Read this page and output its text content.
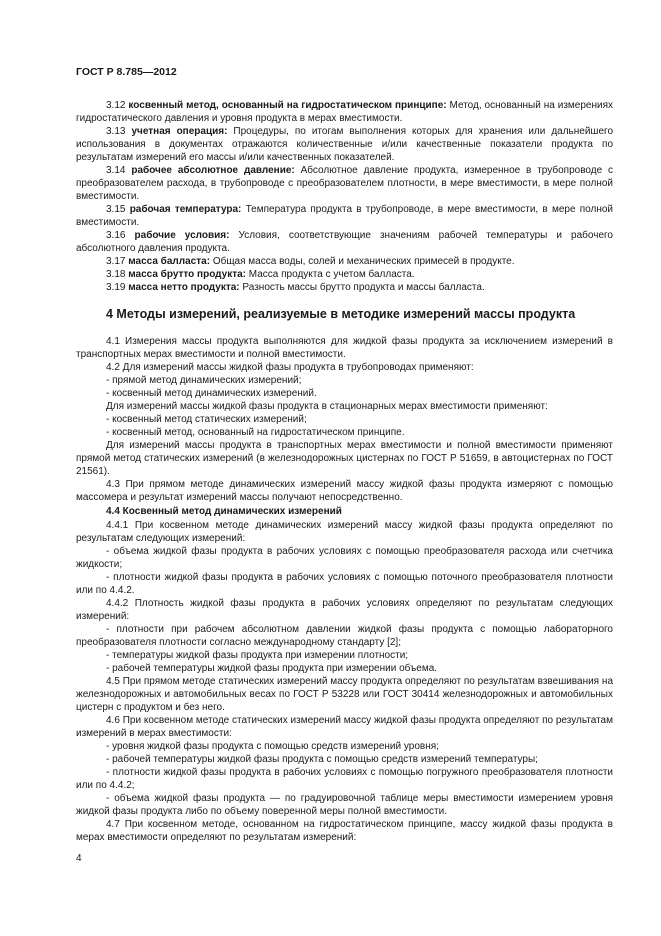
ГОСТ Р 8.785—2012

3.12 косвенный метод, основанный на гидростатическом принципе: Метод, основанный на измерениях гидростатического давления и уровня продукта в мерах вместимости.

3.13 учетная операция: Процедуры, по итогам выполнения которых для хранения или дальнейшего использования в документах отражаются количественные и/или качественные показатели продукта по результатам измерений его массы и/или качественных показателей.

3.14 рабочее абсолютное давление: Абсолютное давление продукта, измеренное в трубопроводе с преобразователем расхода, в трубопроводе с преобразователем плотности, в мере вместимости, в мере полной вместимости.

3.15 рабочая температура: Температура продукта в трубопроводе, в мере вместимости, в мере полной вместимости.

3.16 рабочие условия: Условия, соответствующие значениям рабочей температуры и рабочего абсолютного давления продукта.

3.17 масса балласта: Общая масса воды, солей и механических примесей в продукте.

3.18 масса брутто продукта: Масса продукта с учетом балласта.

3.19 масса нетто продукта: Разность массы брутто продукта и массы балласта.

4 Методы измерений, реализуемые в методике измерений массы продукта

4.1 Измерения массы продукта выполняются для жидкой фазы продукта за исключением измерений в транспортных мерах вместимости и полной вместимости.

4.2 Для измерений массы жидкой фазы продукта в трубопроводах применяют:

- прямой метод динамических измерений;

- косвенный метод динамических измерений.

Для измерений массы жидкой фазы продукта в стационарных мерах вместимости применяют:

- косвенный метод статических измерений;

- косвенный метод, основанный на гидростатическом принципе.

Для измерений массы продукта в транспортных мерах вместимости и полной вместимости применяют прямой метод статических измерений (в железнодорожных цистернах по ГОСТ Р 51659, в автоцистернах по ГОСТ 21561).

4.3 При прямом методе динамических измерений массу жидкой фазы продукта измеряют с помощью массомера и результат измерений массы получают непосредственно.

4.4 Косвенный метод динамических измерений

4.4.1 При косвенном методе динамических измерений массу жидкой фазы продукта определяют по результатам следующих измерений:

- объема жидкой фазы продукта в рабочих условиях с помощью преобразователя расхода или счетчика жидкости;

- плотности жидкой фазы продукта в рабочих условиях с помощью поточного преобразователя плотности или по 4.4.2.

4.4.2 Плотность жидкой фазы продукта в рабочих условиях определяют по результатам следующих измерений:

- плотности при рабочем абсолютном давлении жидкой фазы продукта с помощью лабораторного преобразователя плотности согласно международному стандарту [2];

- температуры жидкой фазы продукта при измерении плотности;

- рабочей температуры жидкой фазы продукта при измерении объема.

4.5 При прямом методе статических измерений массу продукта определяют по результатам взвешивания на железнодорожных и автомобильных весах по ГОСТ Р 53228 или ГОСТ 30414 железнодорожных и автомобильных цистерн с продуктом и без него.

4.6 При косвенном методе статических измерений массу жидкой фазы продукта определяют по результатам измерений в мерах вместимости:

- уровня жидкой фазы продукта с помощью средств измерений уровня;

- рабочей температуры жидкой фазы продукта с помощью средств измерений температуры;

- плотности жидкой фазы продукта в рабочих условиях с помощью погружного преобразователя плотности или по 4.4.2;

- объема жидкой фазы продукта — по градуировочной таблице меры вместимости измерением уровня жидкой фазы продукта либо по объему поверенной меры полной вместимости.

4.7 При косвенном методе, основанном на гидростатическом принципе, массу жидкой фазы продукта в мерах вместимости определяют по результатам измерений:

4
